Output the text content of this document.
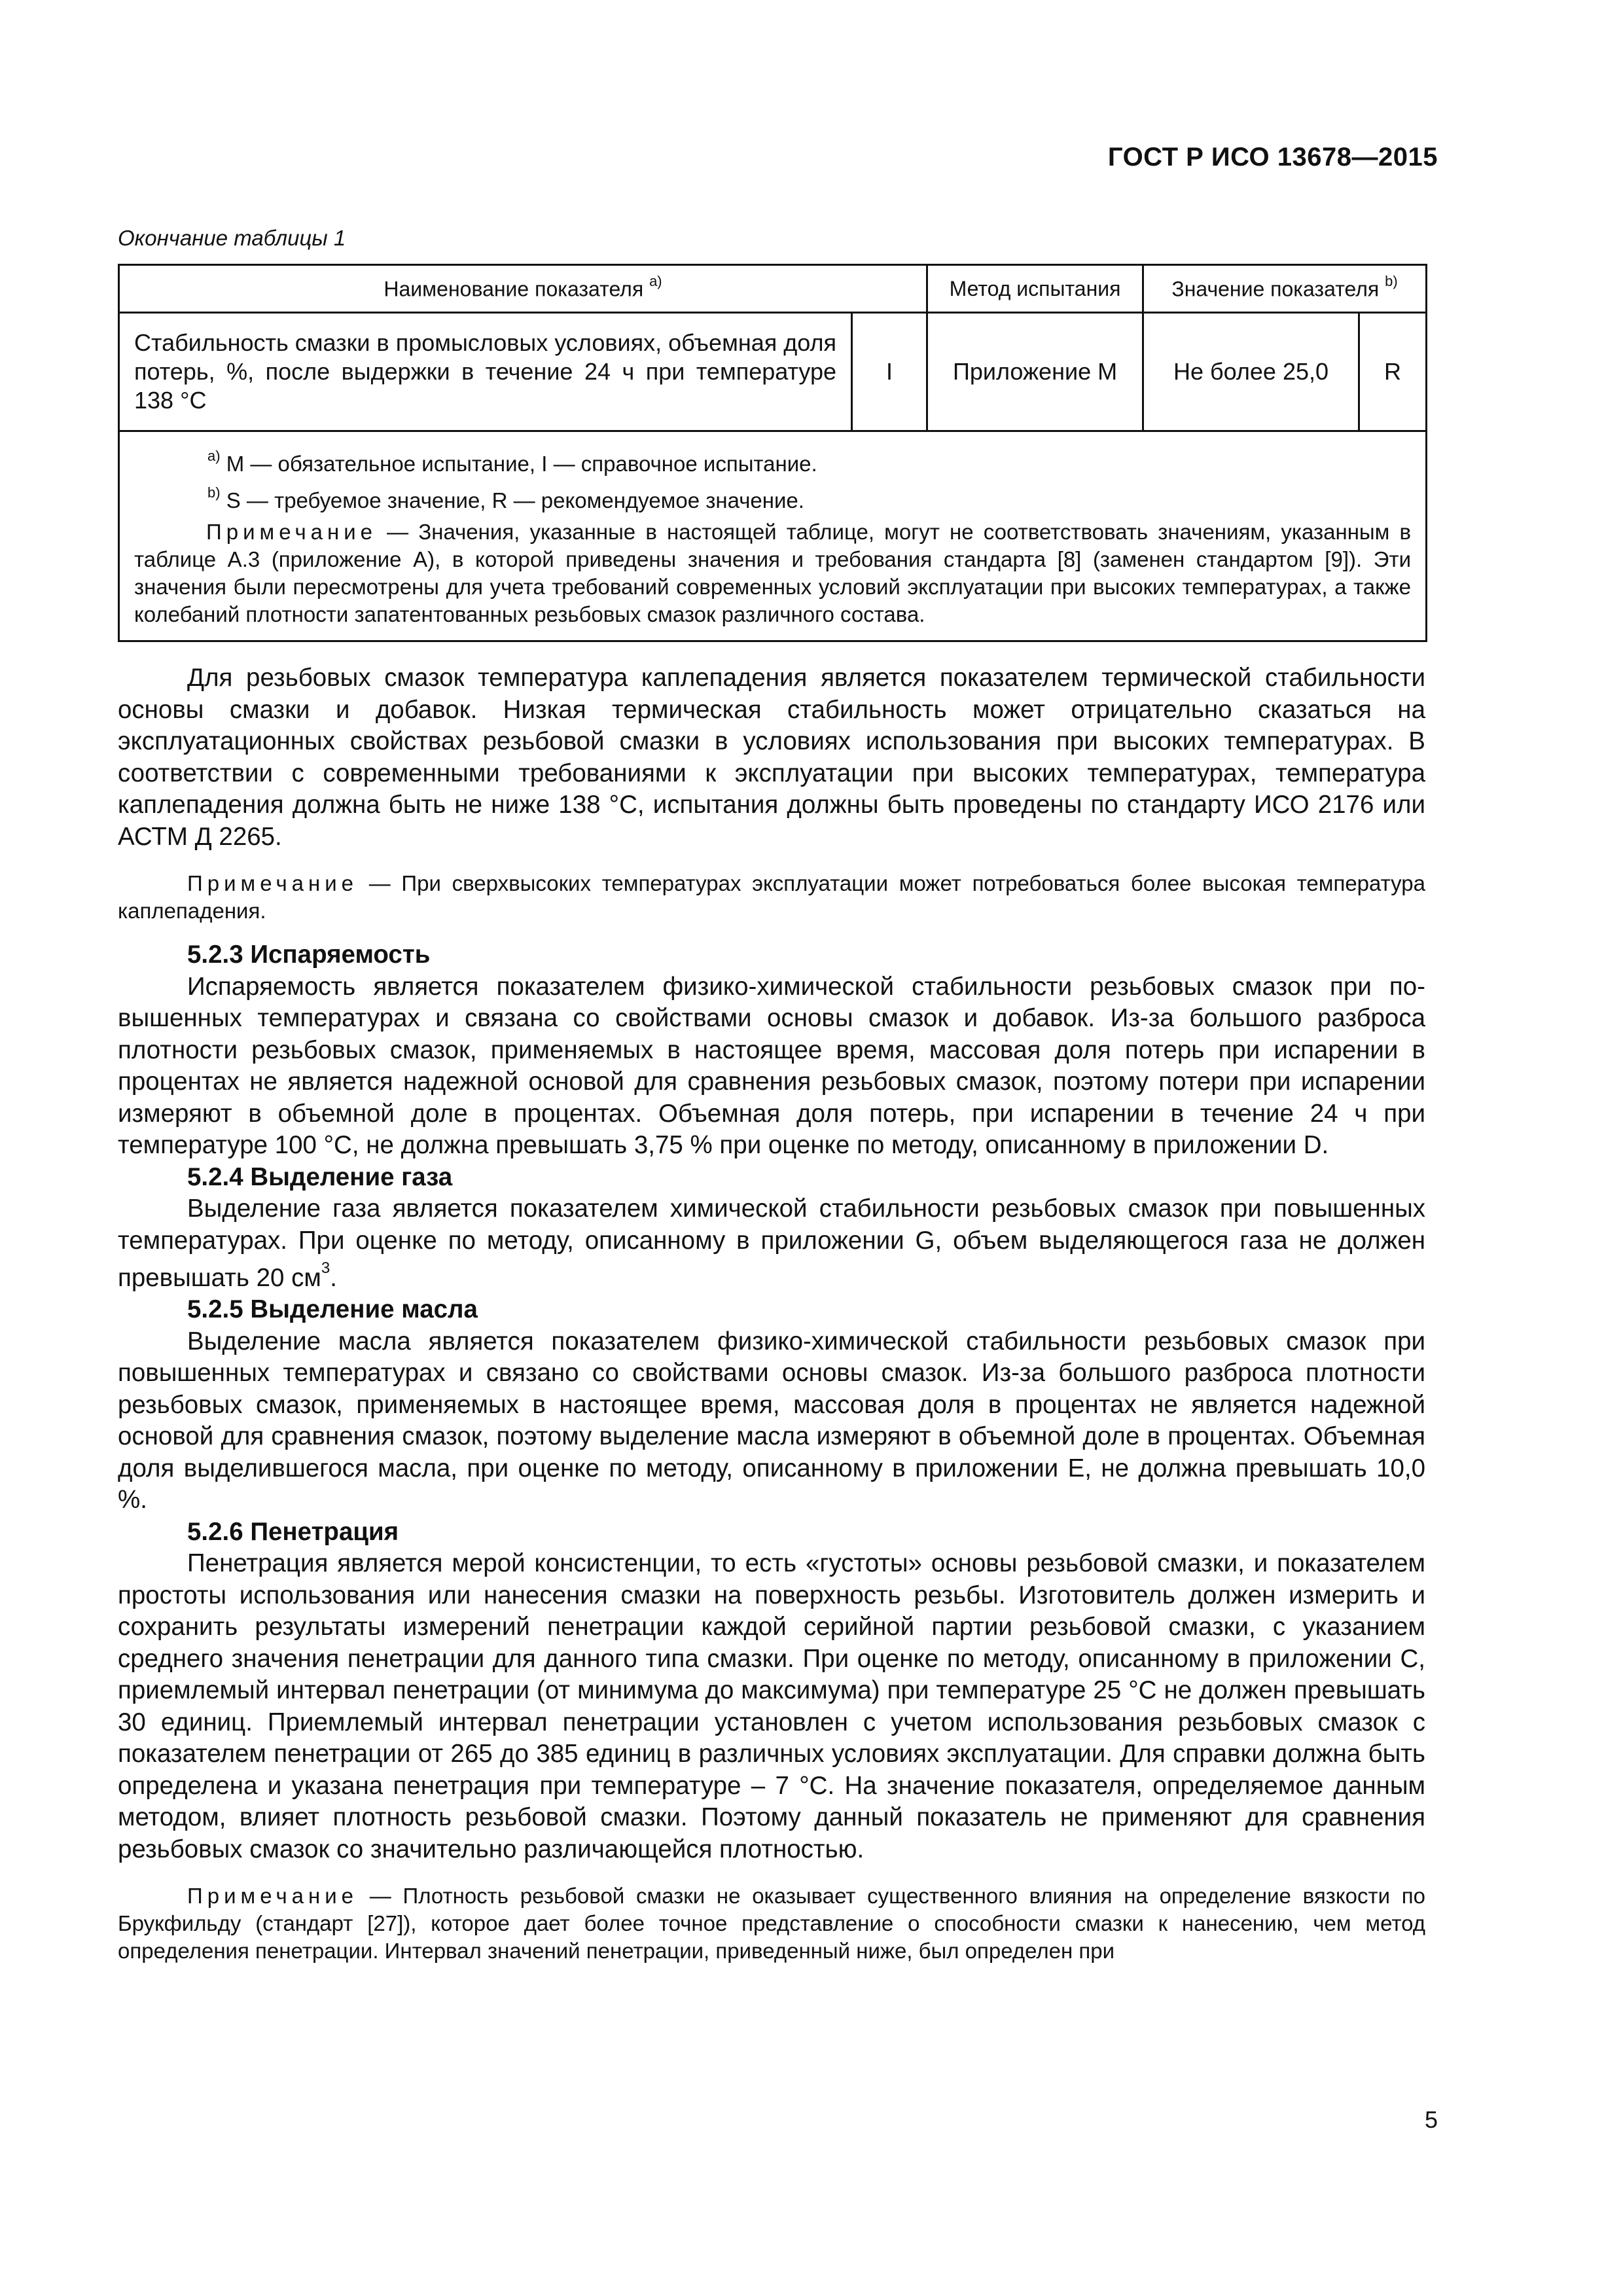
ГОСТ Р ИСО 13678—2015
Окончание таблицы 1
Наименование показателя $^{a)}$		Метод испытания	Значение показателя $^{b)}$
Стабильность смазки в промысловых условиях, объемная доля потерь, %, после выдержки в течение 24 ч при температуре 138 °С	I	Приложение М	Не более 25,0	R

$^{a)}$ М — обязательное испытание, I — справочное испытание.
$^{b)}$ S — требуемое значение, R — рекомендуемое значение.
Примечание — Значения, указанные в настоящей таблице, могут не соответствовать значениям, указанным в таблице А.3 (приложение А), в которой приведены значения и требования стандарта [8] (заменен стандартом [9]). Эти значения были пересмотрены для учета требований современных условий эксплуатации при высоких температурах, а также колебаний плотности запатентованных резьбовых смазок различного состава.				

Для резьбовых смазок температура каплепадения является показателем термической стабильности основы смазки и добавок. Низкая термическая стабильность может отрицательно сказаться на эксплуатационных свойствах резьбовой смазки в условиях использования при высоких температурах. В соответствии с современными требованиями к эксплуатации при высоких температурах, температура каплепадения должна быть не ниже 138 °С, испытания должны быть проведены по стандарту ИСО 2176 или АСТМ Д 2265.

Примечание — При сверхвысоких температурах эксплуатации может потребоваться более высокая температура каплепадения.

5.2.3 Испаряемость

Испаряемость является показателем физико-химической стабильности резьбовых смазок при повышенных температурах и связана со свойствами основы смазок и добавок. Из-за большого разброса плотности резьбовых смазок, применяемых в настоящее время, массовая доля потерь при испарении в процентах не является надежной основой для сравнения резьбовых смазок, поэтому потери при испарении измеряют в объемной доле в процентах. Объемная доля потерь, при испарении в течение 24 ч при температуре 100 °С, не должна превышать 3,75 % при оценке по методу, описанному в приложении D.

5.2.4 Выделение газа

Выделение газа является показателем химической стабильности резьбовых смазок при повышенных температурах. При оценке по методу, описанному в приложении G, объем выделяющегося газа не должен превышать 20 $см^3$.

5.2.5 Выделение масла

Выделение масла является показателем физико-химической стабильности резьбовых смазок при повышенных температурах и связано со свойствами основы смазок. Из-за большого разброса плотности резьбовых смазок, применяемых в настоящее время, массовая доля в процентах не является надежной основой для сравнения смазок, поэтому выделение масла измеряют в объемной доле в процентах. Объемная доля выделившегося масла, при оценке по методу, описанному в приложении Е, не должна превышать 10,0 %.

5.2.6 Пенетрация

Пенетрация является мерой консистенции, то есть «густоты» основы резьбовой смазки, и показателем простоты использования или нанесения смазки на поверхность резьбы. Изготовитель должен измерить и сохранить результаты измерений пенетрации каждой серийной партии резьбовой смазки, с указанием среднего значения пенетрации для данного типа смазки. При оценке по методу, описанному в приложении С, приемлемый интервал пенетрации (от минимума до максимума) при температуре 25 °С не должен превышать 30 единиц. Приемлемый интервал пенетрации установлен с учетом использования резьбовых смазок с показателем пенетрации от 265 до 385 единиц в различных условиях эксплуатации. Для справки должна быть определена и указана пенетрация при температуре – 7 °С. На значение показателя, определяемое данным методом, влияет плотность резьбовой смазки. Поэтому данный показатель не применяют для сравнения резьбовых смазок со значительно различающейся плотностью.

Примечание — Плотность резьбовой смазки не оказывает существенного влияния на определение вязкости по Брукфильду (стандарт [27]), которое дает более точное представление о способности смазки к нанесению, чем метод определения пенетрации. Интервал значений пенетрации, приведенный ниже, был определен при

5
